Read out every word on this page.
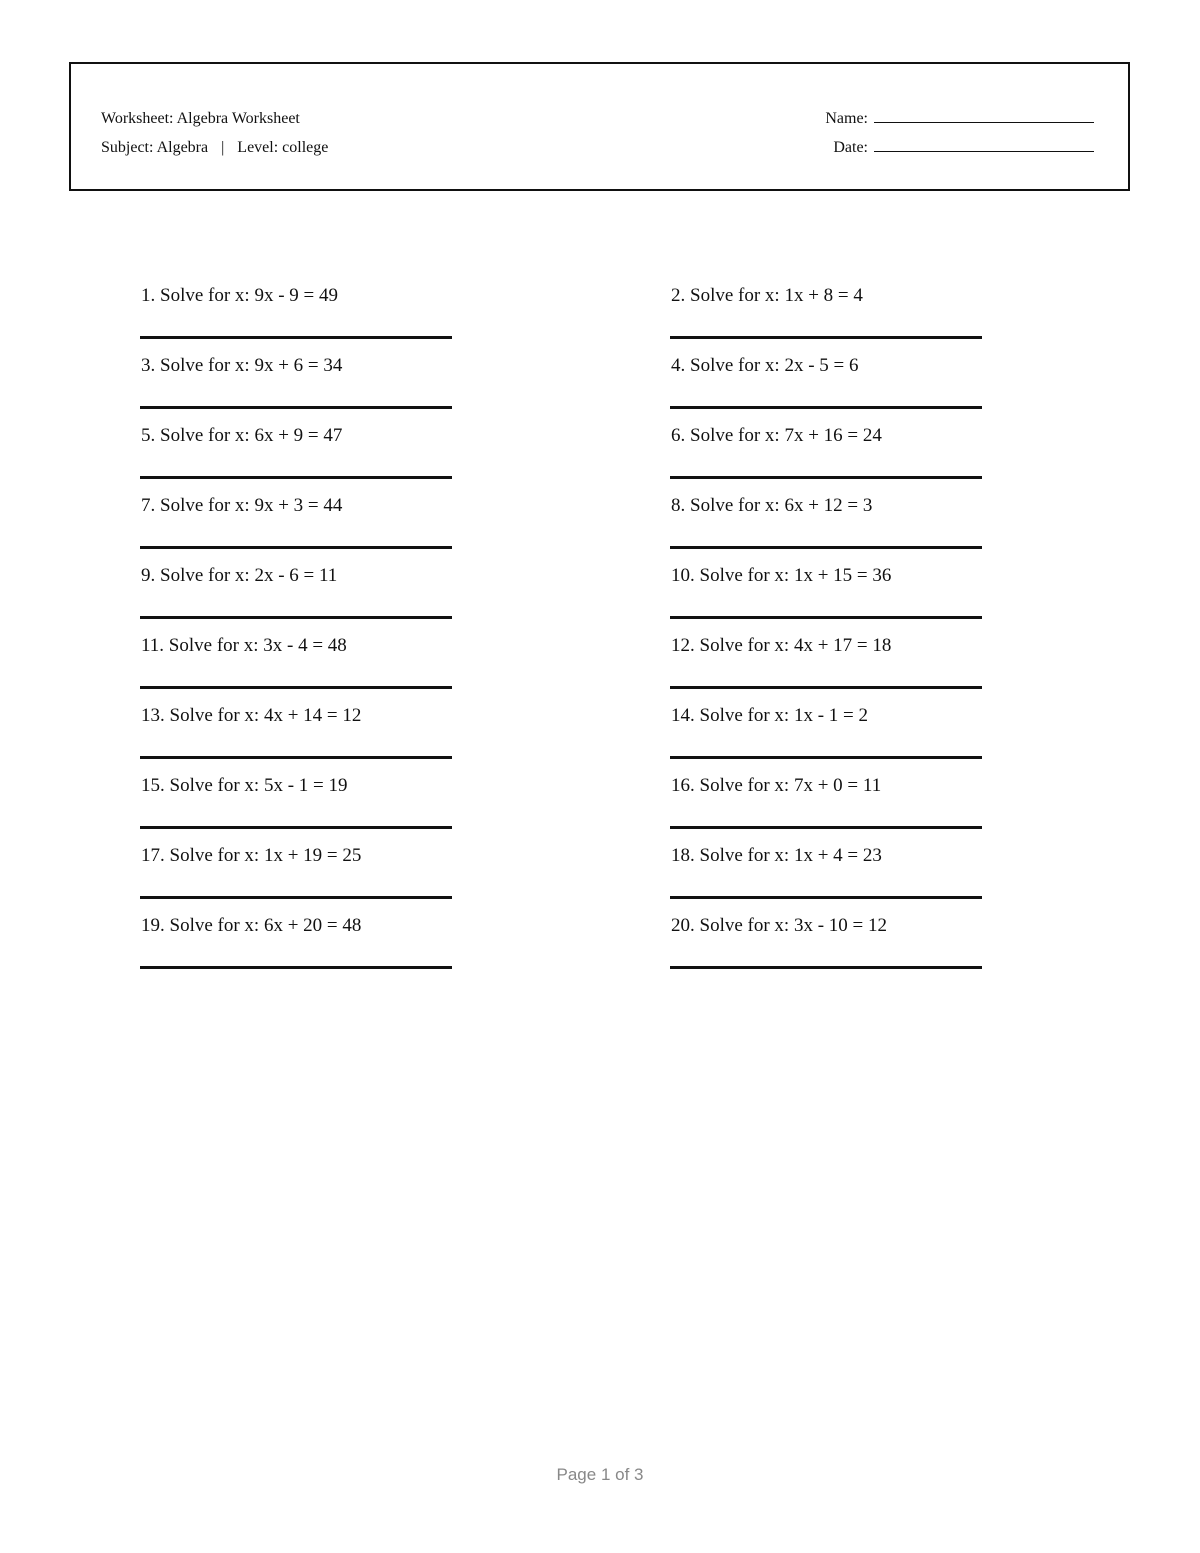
Worksheet: Algebra Worksheet
Subject: Algebra | Level: college
Name:
Date:
1. Solve for x: 9x - 9 = 49	2. Solve for x: 1x + 8 = 4
3. Solve for x: 9x + 6 = 34	4. Solve for x: 2x - 5 = 6
5. Solve for x: 6x + 9 = 47	6. Solve for x: 7x + 16 = 24
7. Solve for x: 9x + 3 = 44	8. Solve for x: 6x + 12 = 3
9. Solve for x: 2x - 6 = 11	10. Solve for x: 1x + 15 = 36
11. Solve for x: 3x - 4 = 48	12. Solve for x: 4x + 17 = 18
13. Solve for x: 4x + 14 = 12	14. Solve for x: 1x - 1 = 2
15. Solve for x: 5x - 1 = 19	16. Solve for x: 7x + 0 = 11
17. Solve for x: 1x + 19 = 25	18. Solve for x: 1x + 4 = 23
19. Solve for x: 6x + 20 = 48	20. Solve for x: 3x - 10 = 12
Page 1 of 3
